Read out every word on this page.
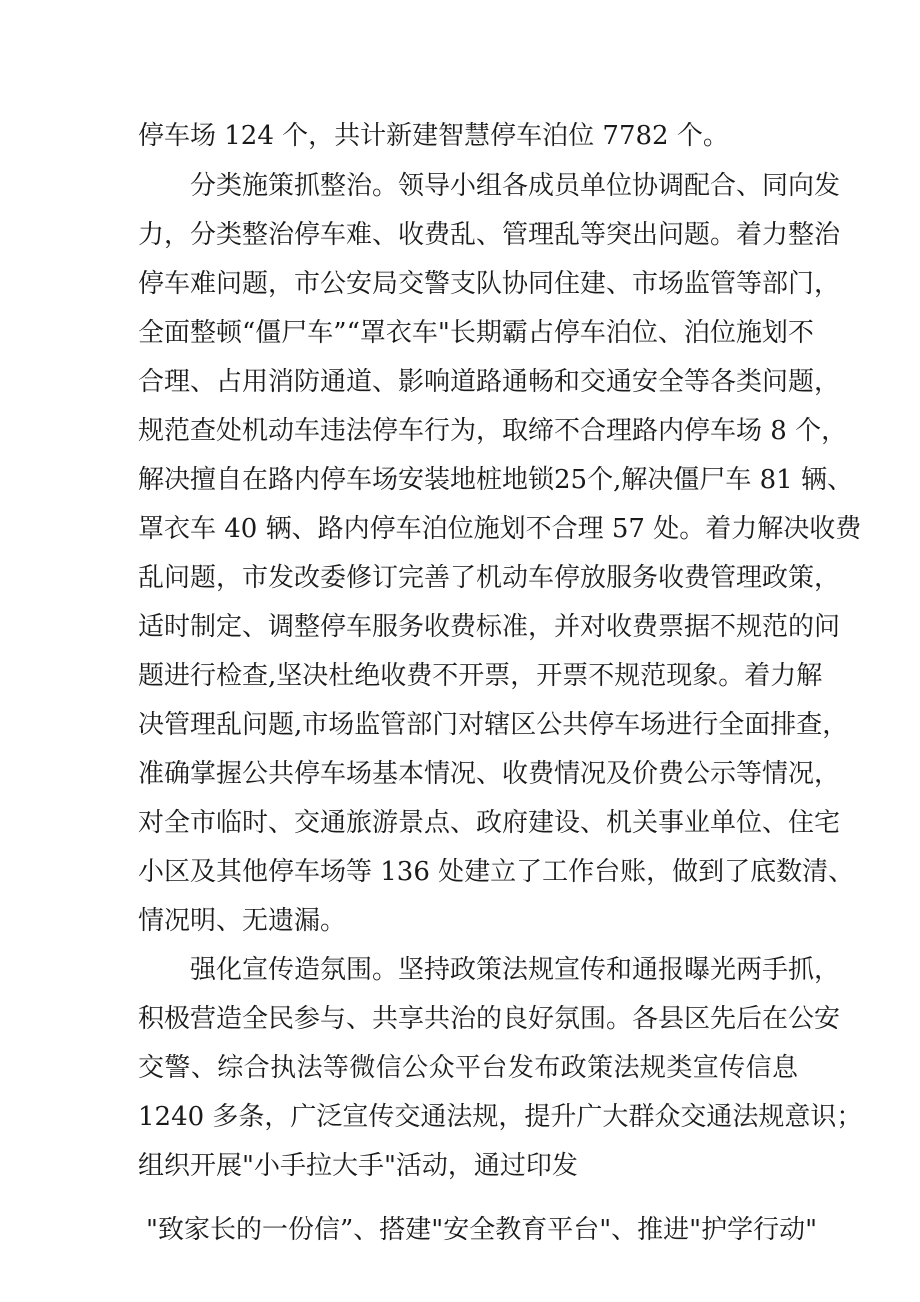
停车场 124 个，共计新建智慧停车泊位 7782 个。
分类施策抓整治。领导小组各成员单位协调配合、同向发
力，分类整治停车难、收费乱、管理乱等突出问题。着力整治
停车难问题，市公安局交警支队协同住建、市场监管等部门，
全面整顿“僵尸车”“罩衣车"长期霸占停车泊位、泊位施划不
合理、占用消防通道、影响道路通畅和交通安全等各类问题，
规范查处机动车违法停车行为，取缔不合理路内停车场 8 个，
解决擅自在路内停车场安装地桩地锁25个,解决僵尸车 81 辆、
罩衣车 40 辆、路内停车泊位施划不合理 57 处。着力解决收费
乱问题，市发改委修订完善了机动车停放服务收费管理政策，
适时制定、调整停车服务收费标准，并对收费票据不规范的问
题进行检查,坚决杜绝收费不开票，开票不规范现象。着力解
决管理乱问题,市场监管部门对辖区公共停车场进行全面排查，
准确掌握公共停车场基本情况、收费情况及价费公示等情况，
对全市临时、交通旅游景点、政府建设、机关事业单位、住宅
小区及其他停车场等 136 处建立了工作台账，做到了底数清、
情况明、无遗漏。
强化宣传造氛围。坚持政策法规宣传和通报曝光两手抓，
积极营造全民参与、共享共治的良好氛围。各县区先后在公安
交警、综合执法等微信公众平台发布政策法规类宣传信息
1240 多条，广泛宣传交通法规，提升广大群众交通法规意识；
组织开展"小手拉大手"活动，通过印发
"致家长的一份信”、搭建"安全教育平台"、推进"护学行动"
